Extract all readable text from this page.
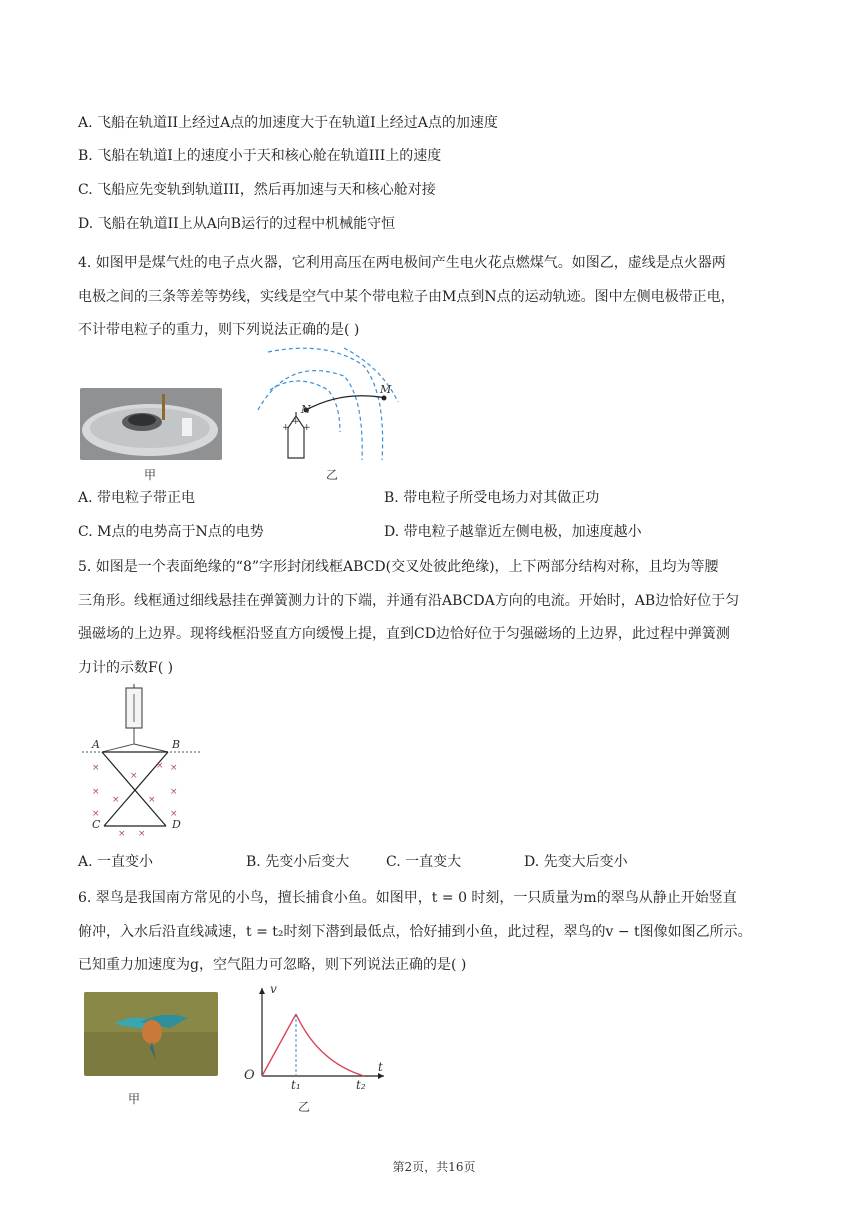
A. 飞船在轨道II上经过A点的加速度大于在轨道I上经过A点的加速度
B. 飞船在轨道I上的速度小于天和核心舱在轨道III上的速度
C. 飞船应先变轨到轨道III，然后再加速与天和核心舱对接
D. 飞船在轨道II上从A向B运行的过程中机械能守恒
4. 如图甲是煤气灶的电子点火器，它利用高压在两电极间产生电火花点燃煤气。如图乙，虚线是点火器两
电极之间的三条等差等势线，实线是空气中某个带电粒子由M点到N点的运动轨迹。图中左侧电极带正电，
不计带电粒子的重力，则下列说法正确的是( )
甲
+
+
+
N
M
乙
A. 带电粒子带正电	B. 带电粒子所受电场力对其做正功
C. M点的电势高于N点的电势	D. 带电粒子越靠近左侧电极，加速度越小
5. 如图是一个表面绝缘的“8”字形封闭线框ABCD(交叉处彼此绝缘)，上下两部分结构对称，且均为等腰
三角形。线框通过细线悬挂在弹簧测力计的下端，并通有沿ABCDA方向的电流。开始时，AB边恰好位于匀
强磁场的上边界。现将线框沿竖直方向缓慢上提，直到CD边恰好位于匀强磁场的上边界，此过程中弹簧测
力计的示数F( )
×	×
×	×
×	×
×
×	×
× ×
×
A	B
C	D
A. 一直变小	B. 先变小后变大	C. 一直变大	D. 先变大后变小
6. 翠鸟是我国南方常见的小鸟，擅长捕食小鱼。如图甲，t = 0 时刻，一只质量为m的翠鸟从静止开始竖直
俯冲，入水后沿直线减速，t = t₂时刻下潜到最低点，恰好捕到小鱼，此过程，翠鸟的v − t图像如图乙所示。
已知重力加速度为g，空气阻力可忽略，则下列说法正确的是( )
甲
v
t
O
t₁	t₂
乙
第2页，共16页
